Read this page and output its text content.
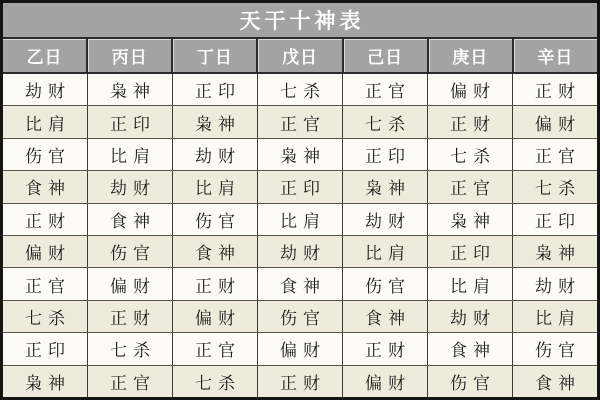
天干十神表
乙日	丙日	丁日	戊日	己日	庚日	辛日
劫财	枭神	正印	七杀	正官	偏财	正财
比肩	正印	枭神	正官	七杀	正财	偏财
伤官	比肩	劫财	枭神	正印	七杀	正官
食神	劫财	比肩	正印	枭神	正官	七杀
正财	食神	伤官	比肩	劫财	枭神	正印
偏财	伤官	食神	劫财	比肩	正印	枭神
正官	偏财	正财	食神	伤官	比肩	劫财
七杀	正财	偏财	伤官	食神	劫财	比肩
正印	七杀	正官	偏财	正财	食神	伤官
枭神	正官	七杀	正财	偏财	伤官	食神
